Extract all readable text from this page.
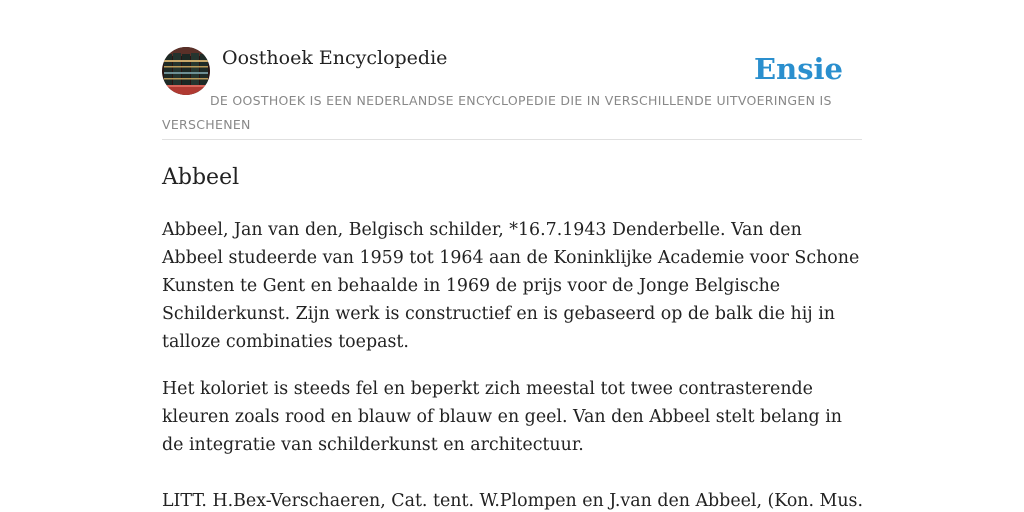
Oosthoek Encyclopedie	Ensie
DE OOSTHOEK IS EEN NEDERLANDSE ENCYCLOPEDIE DIE IN VERSCHILLENDE UITVOERINGEN IS VERSCHENEN
Abbeel

Abbeel, Jan van den, Belgisch schilder, *16.7.1943 Denderbelle. Van den Abbeel studeerde van 1959 tot 1964 aan de Koninklijke Academie voor Schone Kunsten te Gent en behaalde in 1969 de prijs voor de Jonge Belgische Schilderkunst. Zijn werk is constructief en is gebaseerd op de balk die hij in talloze combinaties toepast.

Het koloriet is steeds fel en beperkt zich meestal tot twee contrasterende kleuren zoals rood en blauw of blauw en geel. Van den Abbeel stelt belang in de integratie van schilderkunst en architectuur.

LITT. H.Bex-Verschaeren, Cat. tent. W.Plompen en J.van den Abbeel, (Kon. Mus.
